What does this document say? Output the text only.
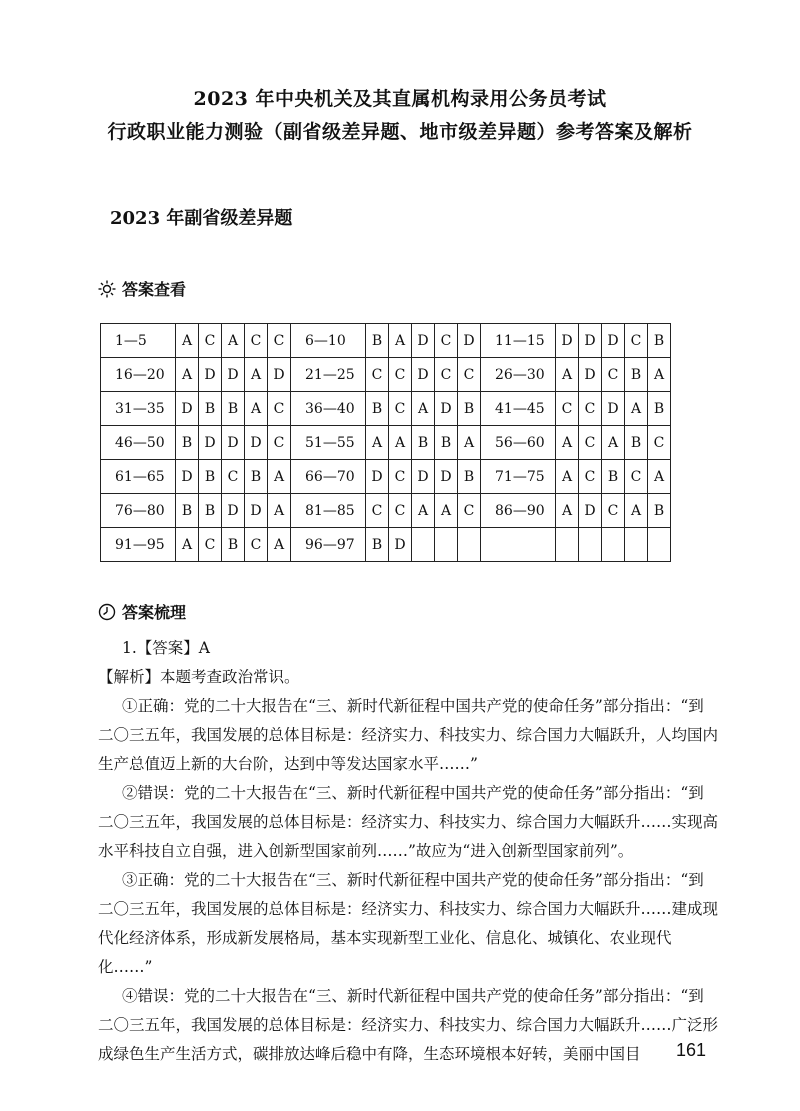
2023 年中央机关及其直属机构录用公务员考试
行政职业能力测验（副省级差异题、地市级差异题）参考答案及解析
2023 年副省级差异题
答案查看
1—5	A	C	A	C	C	6—10	B	A	D	C	D	11—15	D	D	D	C	B
16—20	A	D	D	A	D	21—25	C	C	D	C	C	26—30	A	D	C	B	A
31—35	D	B	B	A	C	36—40	B	C	A	D	B	41—45	C	C	D	A	B
46—50	B	D	D	D	C	51—55	A	A	B	B	A	56—60	A	C	A	B	C
61—65	D	B	C	B	A	66—70	D	C	D	D	B	71—75	A	C	B	C	A
76—80	B	B	D	D	A	81—85	C	C	A	A	C	86—90	A	D	C	A	B
91—95	A	C	B	C	A	96—97	B	D									
答案梳理

1.【答案】A

【解析】本题考查政治常识。

①正确：党的二十大报告在“三、新时代新征程中国共产党的使命任务”部分指出：“到二〇三五年，我国发展的总体目标是：经济实力、科技实力、综合国力大幅跃升，人均国内生产总值迈上新的大台阶，达到中等发达国家水平……”

②错误：党的二十大报告在“三、新时代新征程中国共产党的使命任务”部分指出：“到二〇三五年，我国发展的总体目标是：经济实力、科技实力、综合国力大幅跃升……实现高水平科技自立自强，进入创新型国家前列……”故应为“进入创新型国家前列”。

③正确：党的二十大报告在“三、新时代新征程中国共产党的使命任务”部分指出：“到二〇三五年，我国发展的总体目标是：经济实力、科技实力、综合国力大幅跃升……建成现代化经济体系，形成新发展格局，基本实现新型工业化、信息化、城镇化、农业现代化……”

④错误：党的二十大报告在“三、新时代新征程中国共产党的使命任务”部分指出：“到二〇三五年，我国发展的总体目标是：经济实力、科技实力、综合国力大幅跃升……广泛形成绿色生产生活方式，碳排放达峰后稳中有降，生态环境根本好转，美丽中国目	161
